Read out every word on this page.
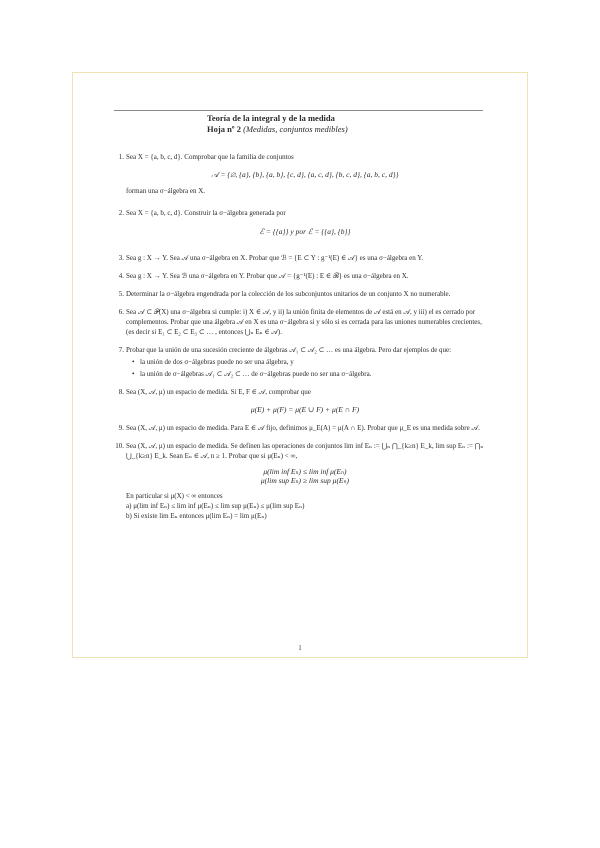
Teoría de la integral y de la medida
Hoja nº 2 (Medidas, conjuntos medibles)
1. Sea X = {a, b, c, d}. Comprobar que la familia de conjuntos

𝒜 = {∅, {a}, {b}, {a, b}, {c, d}, {a, c, d}, {b, c, d}, {a, b, c, d}}

forman una σ−álgebra en X.

2. Sea X = {a, b, c, d}. Construir la σ−álgebra generada por

ℰ = {{a}} y por ℰ = {{a}, {b}}
3. Sea g : X → Y. Sea 𝒜 una σ−álgebra en X. Probar que ℬ = {E ⊂ Y : g⁻¹(E) ∈ 𝒜} es una σ−álgebra en Y.

4. Sea g : X → Y. Sea ℬ una σ−álgebra en Y. Probar que 𝒜 = {g⁻¹(E) : E ∈ ℬ} es una σ−álgebra en X.

5. Determinar la σ−álgebra engendrada por la colección de los subconjuntos unitarios de un conjunto X no numerable.

6. Sea 𝒜 ⊂ 𝒫(X) una σ−álgebra si cumple: i) X ∈ 𝒜, y ii) la unión finita de elementos de 𝒜 está en 𝒜, y iii) el es cerrado por complementos. Probar que una álgebra 𝒜 en X es una σ−álgebra si y sólo si es cerrada para las uniones numerables crecientes, (es decir si E₁ ⊂ E₂ ⊂ E₃ ⊂ … , entonces ⋃ₙ Eₙ ∈ 𝒜).

7. Probar que la unión de una sucesión creciente de álgebras 𝒜₁ ⊂ 𝒜₂ ⊂ … es una álgebra. Pero dar ejemplos de que:

• la unión de dos σ−álgebras puede no ser una álgebra, y
• la unión de σ−álgebras 𝒜₁ ⊂ 𝒜₂ ⊂ … de σ−álgebras puede no ser una σ−álgebra.
8. Sea (X, 𝒜, μ) un espacio de medida. Si E, F ∈ 𝒜, comprobar que

μ(E) + μ(F) = μ(E ∪ F) + μ(E ∩ F)
9. Sea (X, 𝒜, μ) un espacio de medida. Para E ∈ 𝒜 fijo, definimos μ_E(A) = μ(A ∩ E). Probar que μ_E es una medida sobre 𝒜.

10. Sea (X, 𝒜, μ) un espacio de medida. Se definen las operaciones de conjuntos lim inf Eₙ := ⋃ₙ ⋂_{k≥n} E_k, lim sup Eₙ := ⋂ₙ ⋃_{k≥n} E_k. Sean Eₙ ∈ 𝒜, n ≥ 1. Probar que si μ(Eₙ) < ∞,

μ(lim inf Eₙ) ≤ lim inf μ(Eₙ)
μ(lim sup Eₙ) ≥ lim sup μ(Eₙ)

En particular si μ(X) < ∞ entonces

a) μ(lim inf Eₙ) ≤ lim inf μ(Eₙ) ≤ lim sup μ(Eₙ) ≤ μ(lim sup Eₙ)

b) Si existe lim Eₙ entonces μ(lim Eₙ) = lim μ(Eₙ)

1
